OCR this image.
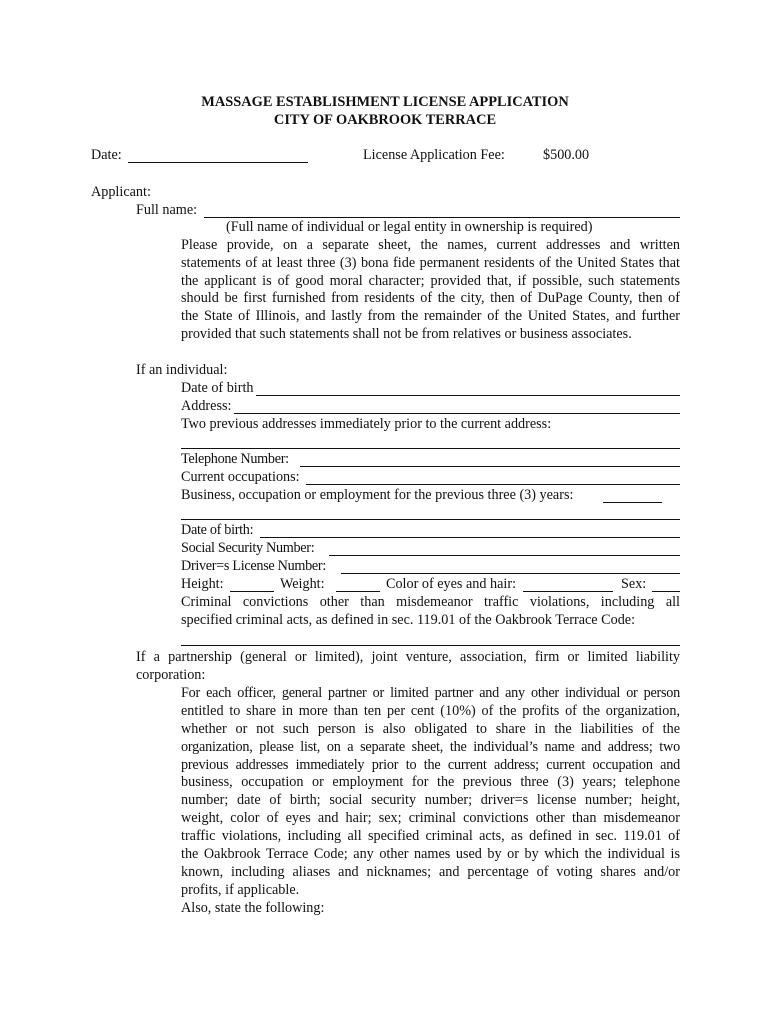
MASSAGE ESTABLISHMENT LICENSE APPLICATION
CITY OF OAKBROOK TERRACE
Date:	License Application Fee:	$500.00
Applicant:
Full name:
(Full name of individual or legal entity in ownership is required)
Please provide, on a separate sheet, the names, current addresses and written
statements of at least three (3) bona fide permanent residents of the United States that
the applicant is of good moral character; provided that, if possible, such statements
should be first furnished from residents of the city, then of DuPage County, then of
the State of Illinois, and lastly from the remainder of the United States, and further
provided that such statements shall not be from relatives or business associates.
If an individual:
Date of birth
Address:
Two previous addresses immediately prior to the current address:
Telephone Number:
Current occupations:
Business, occupation or employment for the previous three (3) years:
Date of birth:
Social Security Number:
Driver=s License Number:
Height:	Weight:	Color of eyes and hair:	Sex:
Criminal convictions other than misdemeanor traffic violations, including all
specified criminal acts, as defined in sec. 119.01 of the Oakbrook Terrace Code:
If a partnership (general or limited), joint venture, association, firm or limited liability
corporation:
For each officer, general partner or limited partner and any other individual or person
entitled to share in more than ten per cent (10%) of the profits of the organization,
whether or not such person is also obligated to share in the liabilities of the
organization, please list, on a separate sheet, the individual’s name and address; two
previous addresses immediately prior to the current address; current occupation and
business, occupation or employment for the previous three (3) years; telephone
number; date of birth; social security number; driver=s license number; height,
weight, color of eyes and hair; sex; criminal convictions other than misdemeanor
traffic violations, including all specified criminal acts, as defined in sec. 119.01 of
the Oakbrook Terrace Code; any other names used by or by which the individual is
known, including aliases and nicknames; and percentage of voting shares and/or
profits, if applicable.
Also, state the following:
